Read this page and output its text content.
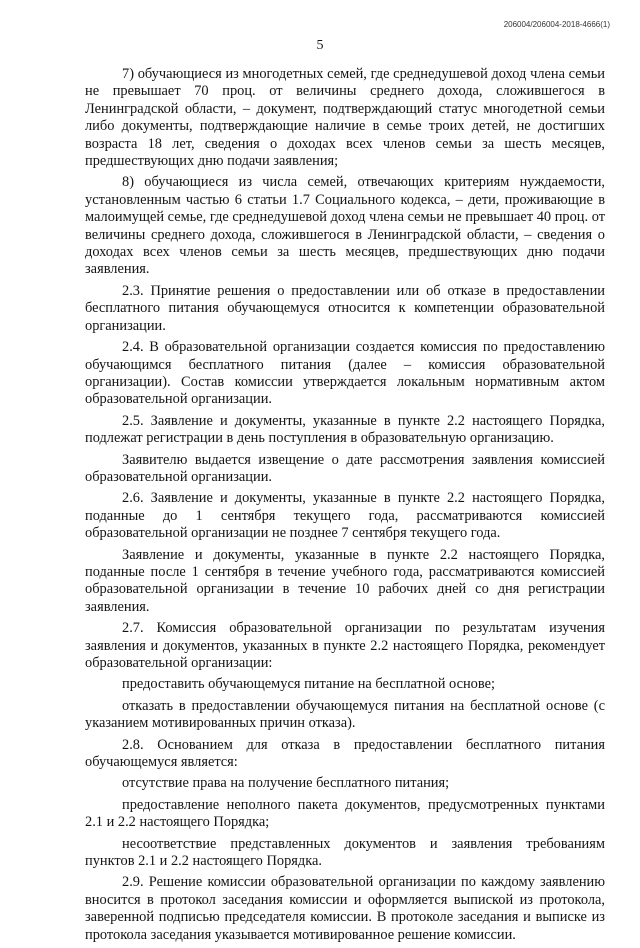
206004/206004-2018-4666(1)
5

7) обучающиеся из многодетных семей, где среднедушевой доход члена семьи не превышает 70 проц. от величины среднего дохода, сложившегося в Ленинградской области, – документ, подтверждающий статус многодетной семьи либо документы, подтверждающие наличие в семье троих детей, не достигших возраста 18 лет, сведения о доходах всех членов семьи за шесть месяцев, предшествующих дню подачи заявления;

8) обучающиеся из числа семей, отвечающих критериям нуждаемости, установленным частью 6 статьи 1.7 Социального кодекса, – дети, проживающие в малоимущей семье, где среднедушевой доход члена семьи не превышает 40 проц. от величины среднего дохода, сложившегося в Ленинградской области, – сведения о доходах всех членов семьи за шесть месяцев, предшествующих дню подачи заявления.

2.3. Принятие решения о предоставлении или об отказе в предоставлении бесплатного питания обучающемуся относится к компетенции образовательной организации.

2.4. В образовательной организации создается комиссия по предоставлению обучающимся бесплатного питания (далее – комиссия образовательной организации). Состав комиссии утверждается локальным нормативным актом образовательной организации.

2.5. Заявление и документы, указанные в пункте 2.2 настоящего Порядка, подлежат регистрации в день поступления в образовательную организацию.

Заявителю выдается извещение о дате рассмотрения заявления комиссией образовательной организации.

2.6. Заявление и документы, указанные в пункте 2.2 настоящего Порядка, поданные до 1 сентября текущего года, рассматриваются комиссией образовательной организации не позднее 7 сентября текущего года.

Заявление и документы, указанные в пункте 2.2 настоящего Порядка, поданные после 1 сентября в течение учебного года, рассматриваются комиссией образовательной организации в течение 10 рабочих дней со дня регистрации заявления.

2.7. Комиссия образовательной организации по результатам изучения заявления и документов, указанных в пункте 2.2 настоящего Порядка, рекомендует образовательной организации:

предоставить обучающемуся питание на бесплатной основе;

отказать в предоставлении обучающемуся питания на бесплатной основе (с указанием мотивированных причин отказа).

2.8. Основанием для отказа в предоставлении бесплатного питания обучающемуся является:

отсутствие права на получение бесплатного питания;

предоставление неполного пакета документов, предусмотренных пунктами 2.1 и 2.2 настоящего Порядка;

несоответствие представленных документов и заявления требованиям пунктов 2.1 и 2.2 настоящего Порядка.

2.9. Решение комиссии образовательной организации по каждому заявлению вносится в протокол заседания комиссии и оформляется выпиской из протокола, заверенной подписью председателя комиссии. В протоколе заседания и выписке из протокола заседания указывается мотивированное решение комиссии.
